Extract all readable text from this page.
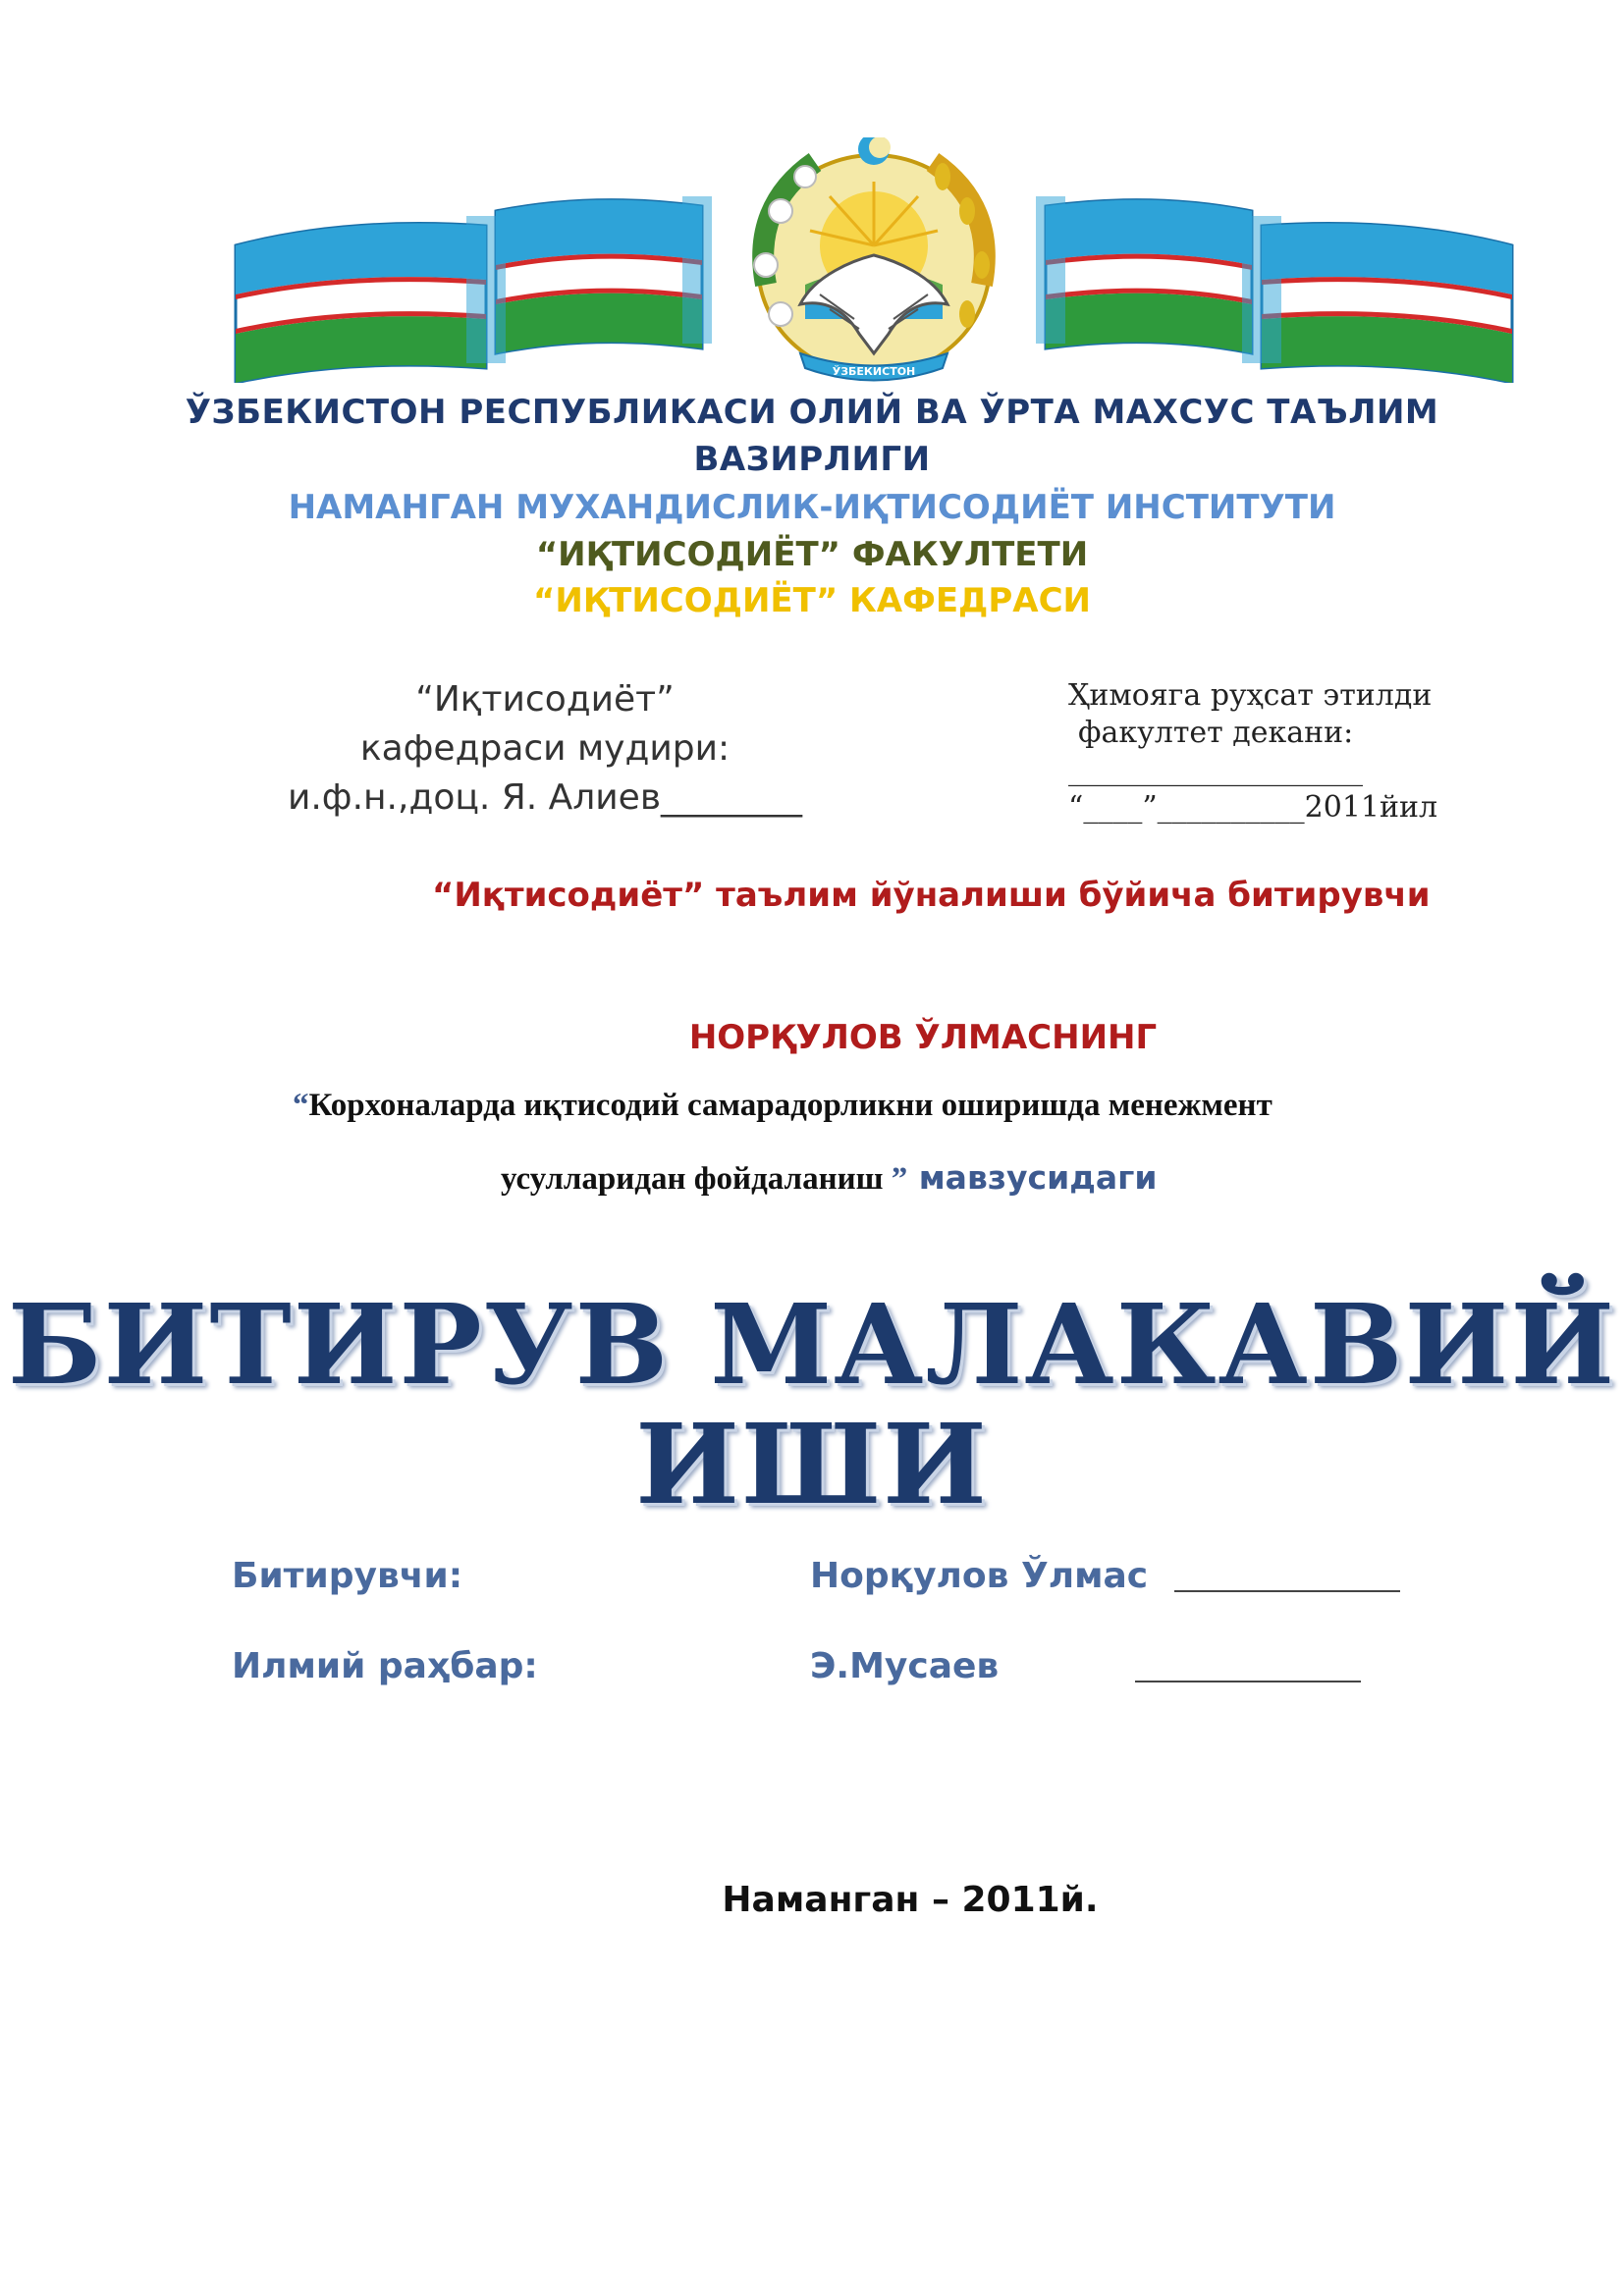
ЎЗБЕКИСТОН
ЎЗБЕКИСТОН РЕСПУБЛИКАСИ ОЛИЙ ВА ЎРТА МАХСУС ТАЪЛИМ
ВАЗИРЛИГИ
НАМАНГАН МУХАНДИСЛИК-ИҚТИСОДИЁТ ИНСТИТУТИ
“ИҚТИСОДИЁТ” ФАКУЛТЕТИ
“ИҚТИСОДИЁТ” КАФЕДРАСИ
“Иқтисодиёт”
кафедраси мудири:
и.ф.н.,доц. Я. Алиев________
Ҳимояга руҳсат этилди
факултет декани:
____________________
“____”__________2011йил
“Иқтисодиёт” таълим йўналиши бўйича битирувчи
НОРҚУЛОВ ЎЛМАСНИНГ
“Корхоналарда иқтисодий самарадорликни оширишда менежмент
усулларидан фойдаланиш ” мавзусидаги
БИТИРУВ МАЛАКАВИЙ
ИШИ
Битирувчи:	Норқулов Ўлмас
Илмий раҳбар:	Э.Мусаев
Наманган – 2011й.
